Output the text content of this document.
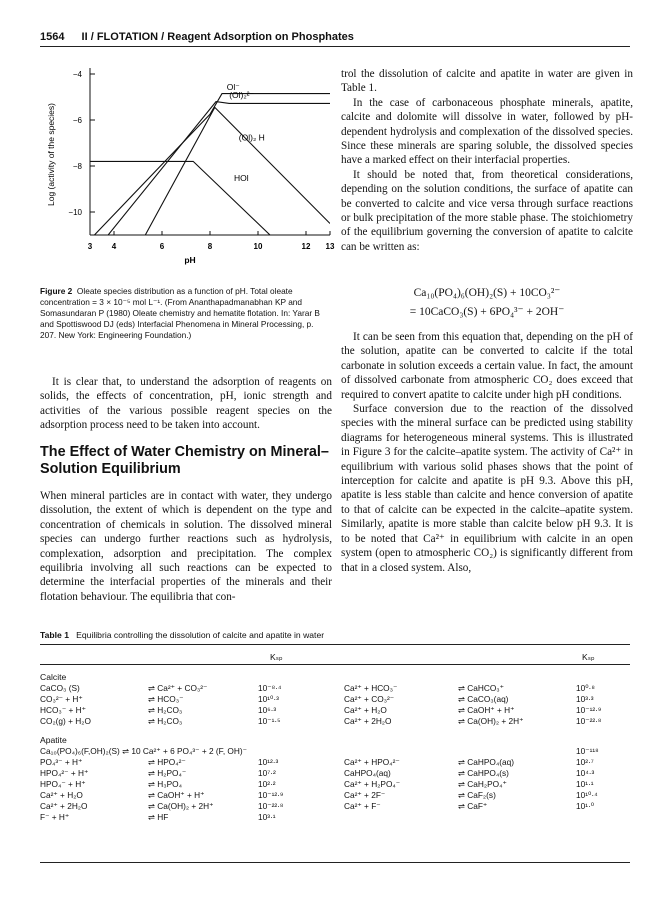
1564 II / FLOTATION / Reagent Adsorption on Phosphates
−4
−6
−8
−10
3 4	6	8	10	12 13
pH
Log (activity of the species)
Ol⁻
(Ol)₂²⁻
(Ol)₂ H
HOl
Figure 2 Oleate species distribution as a function of pH. Total oleate concentration = 3 × 10⁻⁵ mol L⁻¹. (From Ananthapadmanabhan KP and Somasundaran P (1980) Oleate chemistry and hematite flotation. In: Yarar B and Spottiswood DJ (eds) Interfacial Phenomena in Mineral Processing, p. 207. New York: Engineering Foundation.)

It is clear that, to understand the adsorption of reagents on solids, the effects of concentration, pH, ionic strength and activities of the various possible reagent species on the adsorption process need to be taken into account.

The Effect of Water Chemistry on Mineral–Solution Equilibrium

When mineral particles are in contact with water, they undergo dissolution, the extent of which is dependent on the type and concentration of chemicals in solution. The dissolved mineral species can undergo further reactions such as hydrolysis, complexation, adsorption and precipitation. The complex equilibria involving all such reactions can be expected to determine the interfacial properties of the minerals and their flotation behaviour. The equilibria that con-

trol the dissolution of calcite and apatite in water are given in Table 1.

In the case of carbonaceous phosphate minerals, apatite, calcite and dolomite will dissolve in water, followed by pH-dependent hydrolysis and complexation of the dissolved species. Since these minerals are sparing soluble, the dissolved species have a marked effect on their interfacial properties.

It should be noted that, from theoretical considerations, depending on the solution conditions, the surface of apatite can be converted to calcite and vice versa through surface reactions or bulk precipitation of the more stable phase. The stoichiometry of the equilibrium governing the conversion of apatite to calcite can be written as:

Ca₁₀(PO₄)₆(OH)₂(S) + 10CO₃²⁻
= 10CaCO₃(S) + 6PO₄³⁻ + 2OH⁻

It can be seen from this equation that, depending on the pH of the solution, apatite can be converted to calcite if the total carbonate in solution exceeds a certain value. In fact, the amount of dissolved carbonate from atmospheric CO₂ does exceed that required to convert apatite to calcite under high pH conditions.

Surface conversion due to the reaction of the dissolved species with the mineral surface can be predicted using stability diagrams for heterogeneous mineral systems. This is illustrated in Figure 3 for the calcite–apatite system. The activity of Ca²⁺ in equilibrium with various solid phases shows that the point of interception for calcite and apatite is pH 9.3. Above this pH, apatite is less stable than calcite and hence conversion of apatite to that of calcite can be expected in the calcite–apatite system. Similarly, apatite is more stable than calcite below pH 9.3. It is to be noted that Ca²⁺ in equilibrium with calcite in an open system (open to atmospheric CO₂) is significantly different from that in a closed system. Also,

Table 1 Equilibria controlling the dissolution of calcite and apatite in water
Kₛₚ	Kₛₚ
Calcite
CaCO₃ (S)	⇌ Ca²⁺ + CO₃²⁻	10⁻⁸·⁴	Ca²⁺ + HCO₃⁻	⇌ CaHCO₃⁺	10⁰·⁸
CO₃²⁻ + H⁺	⇌ HCO₃⁻	10¹⁰·³	Ca²⁺ + CO₃²⁻	⇌ CaCO₃(aq)	10³·³
HCO₃⁻ + H⁺	⇌ H₂CO₃	10⁶·³	Ca²⁺ + H₂O	⇌ CaOH⁺ + H⁺	10⁻¹²·⁹
CO₂(g) + H₂O	⇌ H₂CO₃	10⁻¹·⁵	Ca²⁺ + 2H₂O	⇌ Ca(OH)₂ + 2H⁺	10⁻²²·⁸
Apatite
Ca₁₀(PO₄)₆(F,OH)₂(S) ⇌ 10 Ca²⁺ + 6 PO₄³⁻ + 2 (F, OH)⁻	10⁻¹¹⁸
PO₄³⁻ + H⁺	⇌ HPO₄²⁻	10¹²·³	Ca²⁺ + HPO₄²⁻	⇌ CaHPO₄(aq)	10²·⁷
HPO₄²⁻ + H⁺	⇌ H₂PO₄⁻	10⁷·²	CaHPO₄(aq)	⇌ CaHPO₄(s)	10⁴·³
HPO₄⁻ + H⁺	⇌ H₃PO₄	10²·²	Ca²⁺ + H₂PO₄⁻	⇌ CaH₂PO₄⁺	10¹·¹
Ca²⁺ + H₂O	⇌ CaOH⁺ + H⁺	10⁻¹²·⁹	Ca²⁺ + 2F⁻	⇌ CaF₂(s)	10¹⁰·⁴
Ca²⁺ + 2H₂O	⇌ Ca(OH)₂ + 2H⁺	10⁻²²·⁸	Ca²⁺ + F⁻	⇌ CaF⁺	10¹·⁰
F⁻ + H⁺	⇌ HF	10³·¹
